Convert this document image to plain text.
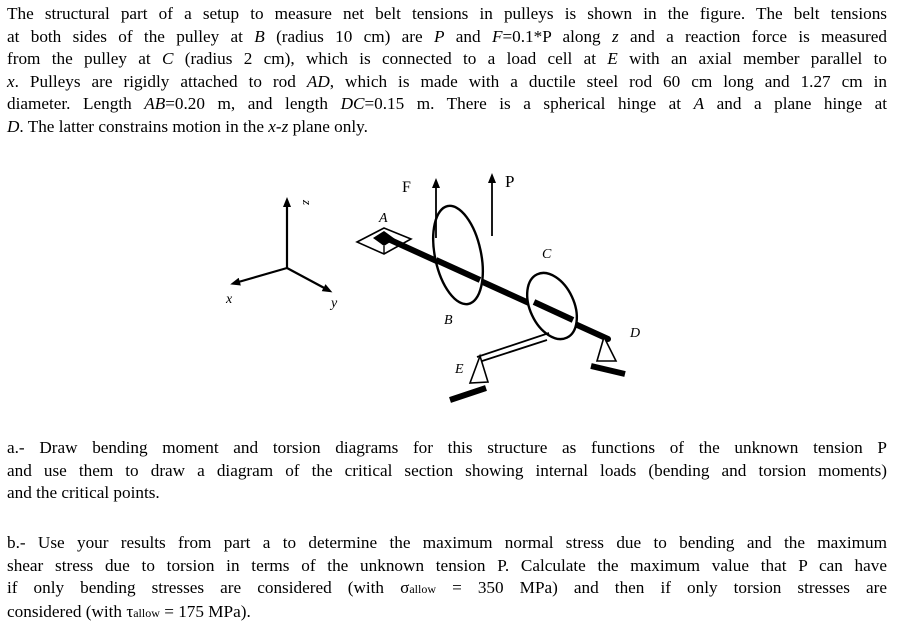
The structural part of a setup to measure net belt tensions in pulleys is shown in the figure. The belt tensions
at both sides of the pulley at B (radius 10 cm) are P and F=0.1*P along z and a reaction force is measured
from the pulley at C (radius 2 cm), which is connected to a load cell at E with an axial member parallel to
x. Pulleys are rigidly attached to rod AD, which is made with a ductile steel rod 60 cm long and 1.27 cm in
diameter. Length AB=0.20 m, and length DC=0.15 m. There is a spherical hinge at A and a plane hinge at
D. The latter constrains motion in the x-z plane only.
z
x	y
A
B
F	P
C
D
E
a.- Draw bending moment and torsion diagrams for this structure as functions of the unknown tension P
and use them to draw a diagram of the critical section showing internal loads (bending and torsion moments)
and the critical points.
b.- Use your results from part a to determine the maximum normal stress due to bending and the maximum
shear stress due to torsion in terms of the unknown tension P. Calculate the maximum value that P can have
if only bending stresses are considered (with σallow = 350 MPa) and then if only torsion stresses are
considered (with τallow = 175 MPa).
